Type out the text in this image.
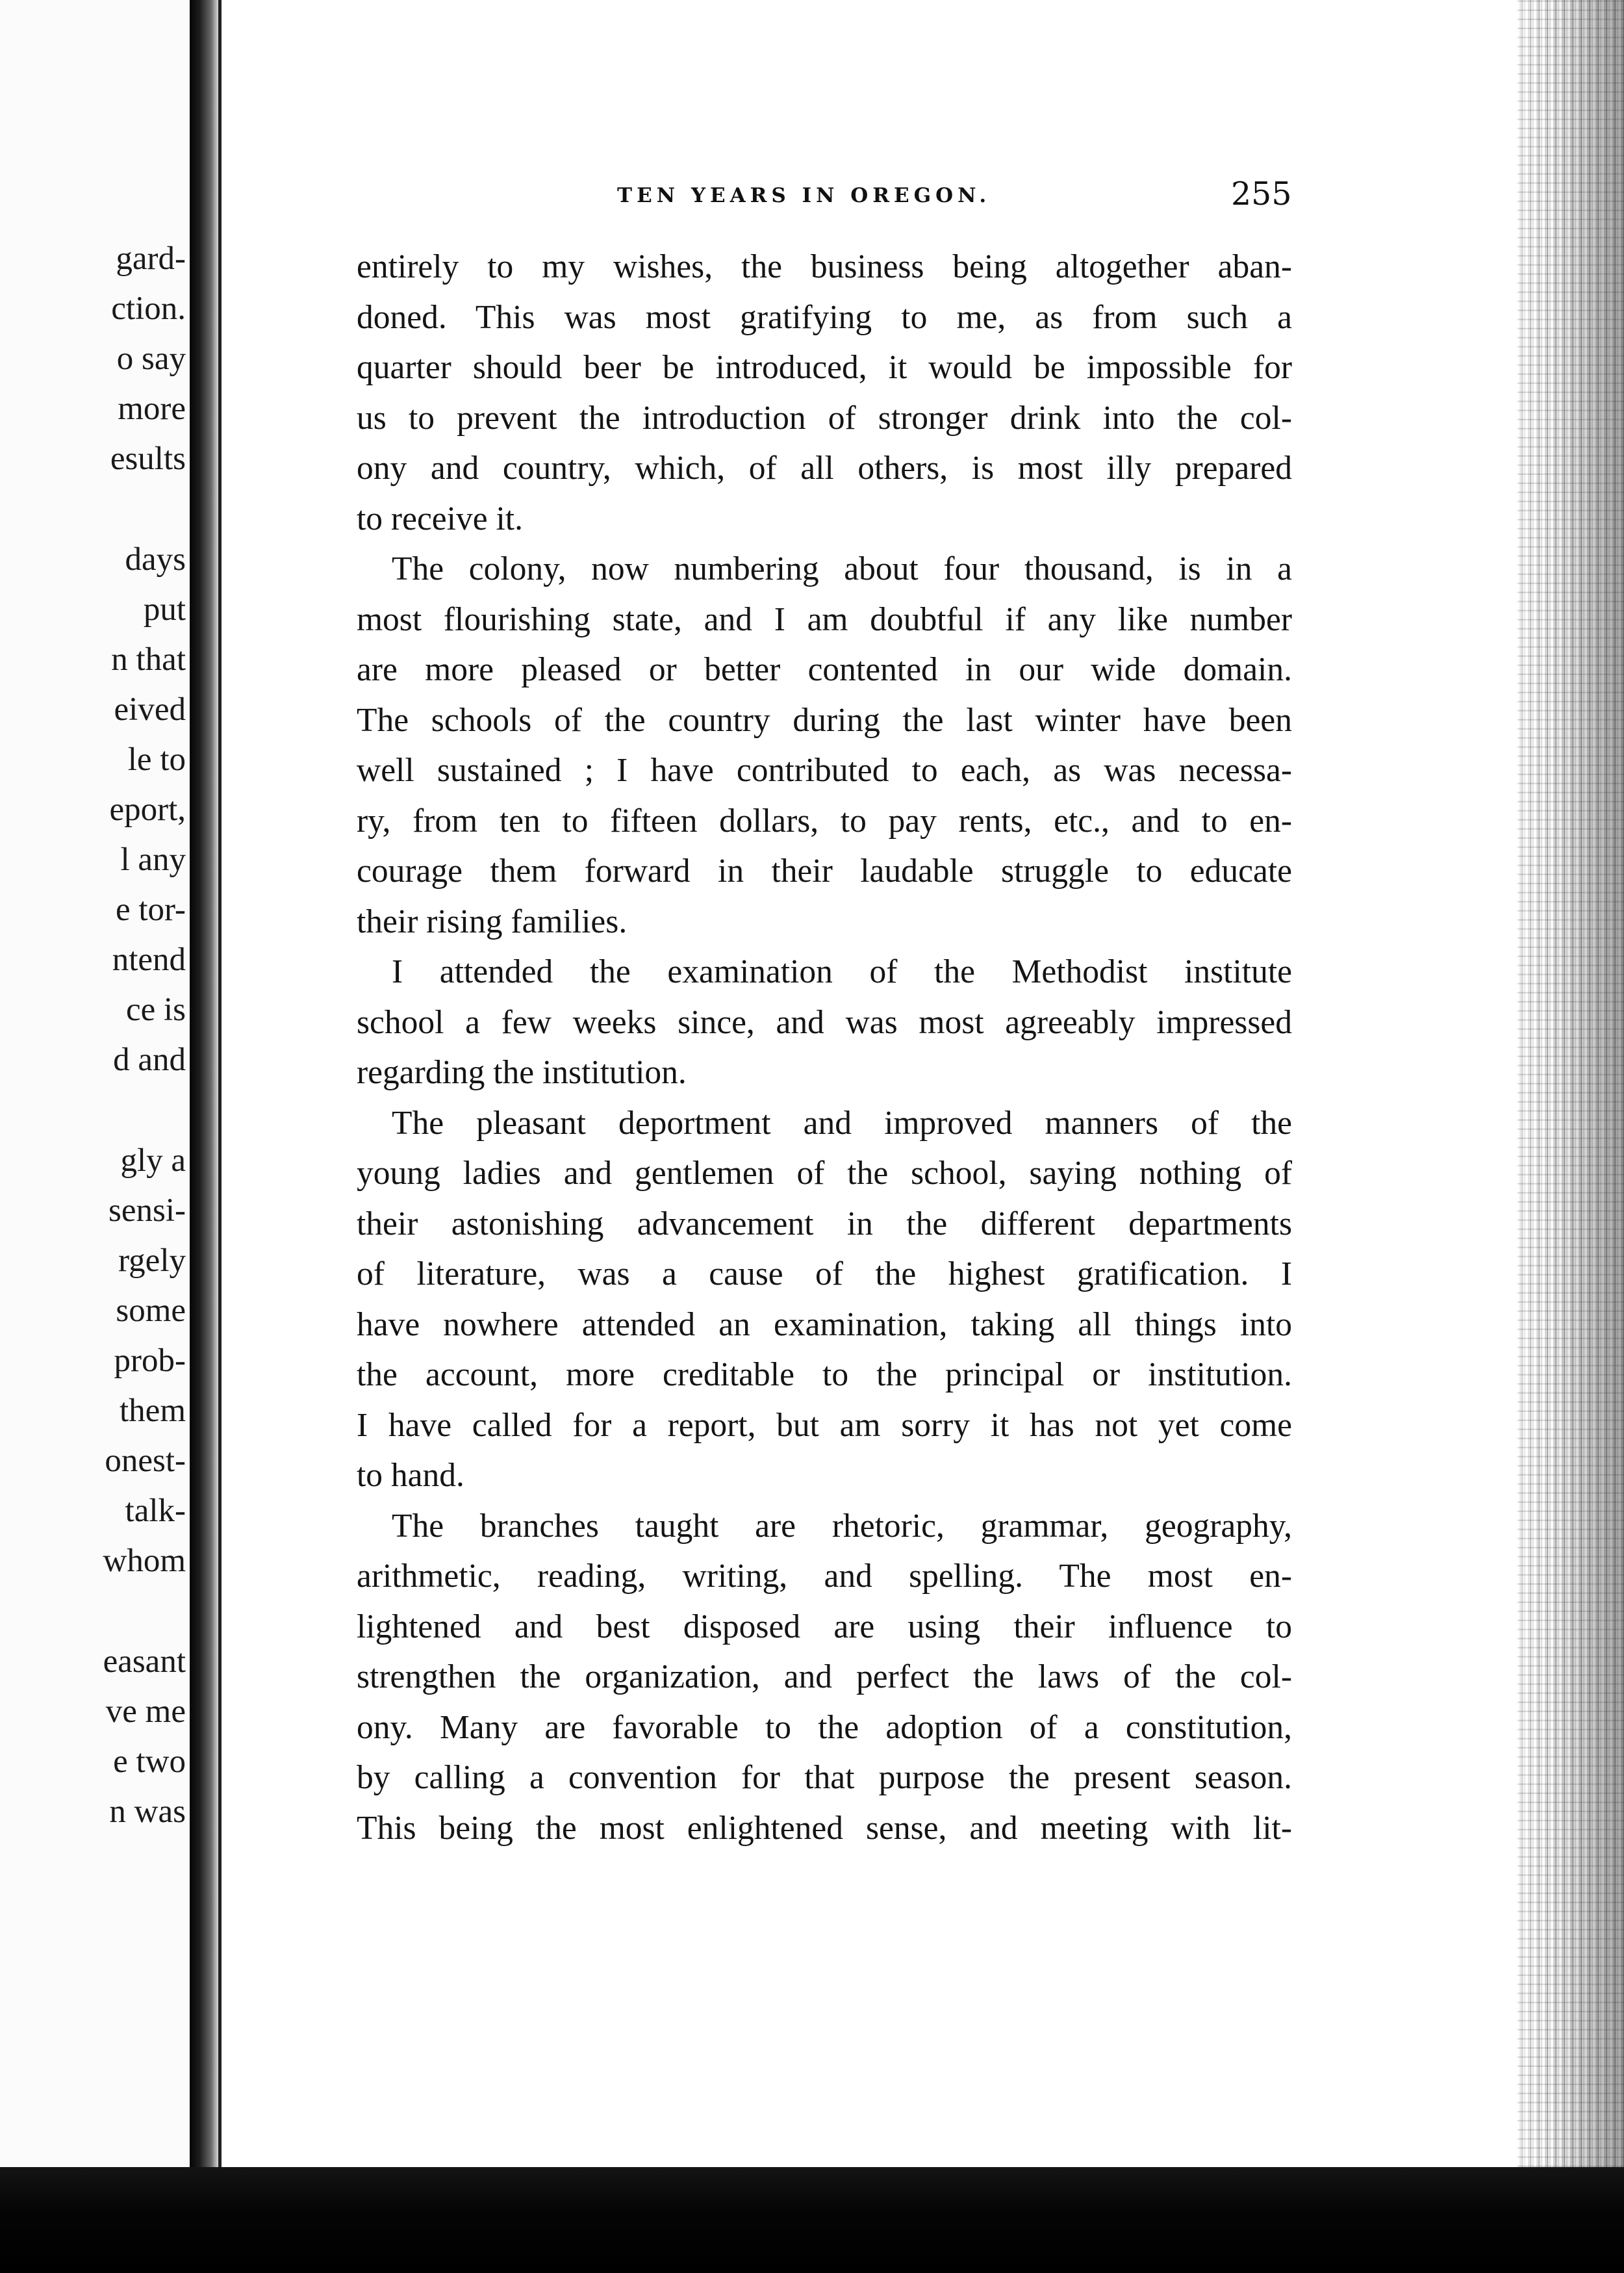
gard-
ction.
o say
more
esults
days
put
n that
eived
le to
eport,
l any
e tor-
ntend
ce is
d and
gly a
sensi-
rgely
some
prob-
them
onest-
talk-
whom
easant
ve me
e two
n was
TEN YEARS IN OREGON.	255
entirely to my wishes, the business being altogether aban-
doned. This was most gratifying to me, as from such a
quarter should beer be introduced, it would be impossible for
us to prevent the introduction of stronger drink into the col-
ony and country, which, of all others, is most illy prepared
to receive it.
The colony, now numbering about four thousand, is in a
most flourishing state, and I am doubtful if any like number
are more pleased or better contented in our wide domain.
The schools of the country during the last winter have been
well sustained ; I have contributed to each, as was necessa-
ry, from ten to fifteen dollars, to pay rents, etc., and to en-
courage them forward in their laudable struggle to educate
their rising families.
I attended the examination of the Methodist institute
school a few weeks since, and was most agreeably impressed
regarding the institution.
The pleasant deportment and improved manners of the
young ladies and gentlemen of the school, saying nothing of
their astonishing advancement in the different departments
of literature, was a cause of the highest gratification. I
have nowhere attended an examination, taking all things into
the account, more creditable to the principal or institution.
I have called for a report, but am sorry it has not yet come
to hand.
The branches taught are rhetoric, grammar, geography,
arithmetic, reading, writing, and spelling. The most en-
lightened and best disposed are using their influence to
strengthen the organization, and perfect the laws of the col-
ony. Many are favorable to the adoption of a constitution,
by calling a convention for that purpose the present season.
This being the most enlightened sense, and meeting with lit-
